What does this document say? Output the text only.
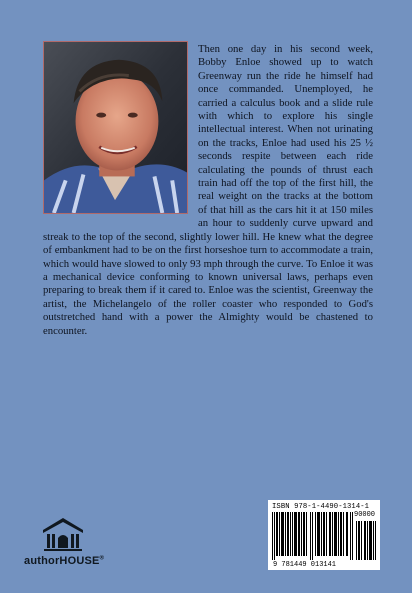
Then one day in his second week, Bobby Enloe showed up to watch Greenway run the ride he himself had once commanded. Unemployed, he carried a calculus book and a slide rule with which to explore his single intellectual interest. When not urinating on the tracks, Enloe had used his 25 ½ seconds respite between each ride calculating the pounds of thrust each train had off the top of the first hill, the real weight on the tracks at the bottom of that hill as the cars hit it at 150 miles an hour to suddenly curve upward and streak to the top of the second, slightly lower hill. He knew what the degree of embankment had to be on the first horseshoe turn to accommodate a train, which would have slowed to only 93 mph through the curve. To Enloe it was a mechanical device conforming to known universal laws, perhaps even preparing to break them if it cared to. Enloe was the scientist, Greenway the artist, the Michelangelo of the roller coaster who responded to God's outstretched hand with a power the Almighty would be chastened to encounter.

authorHOUSE®
ISBN 978-1-4490-1314-1
90000
9 781449 013141
